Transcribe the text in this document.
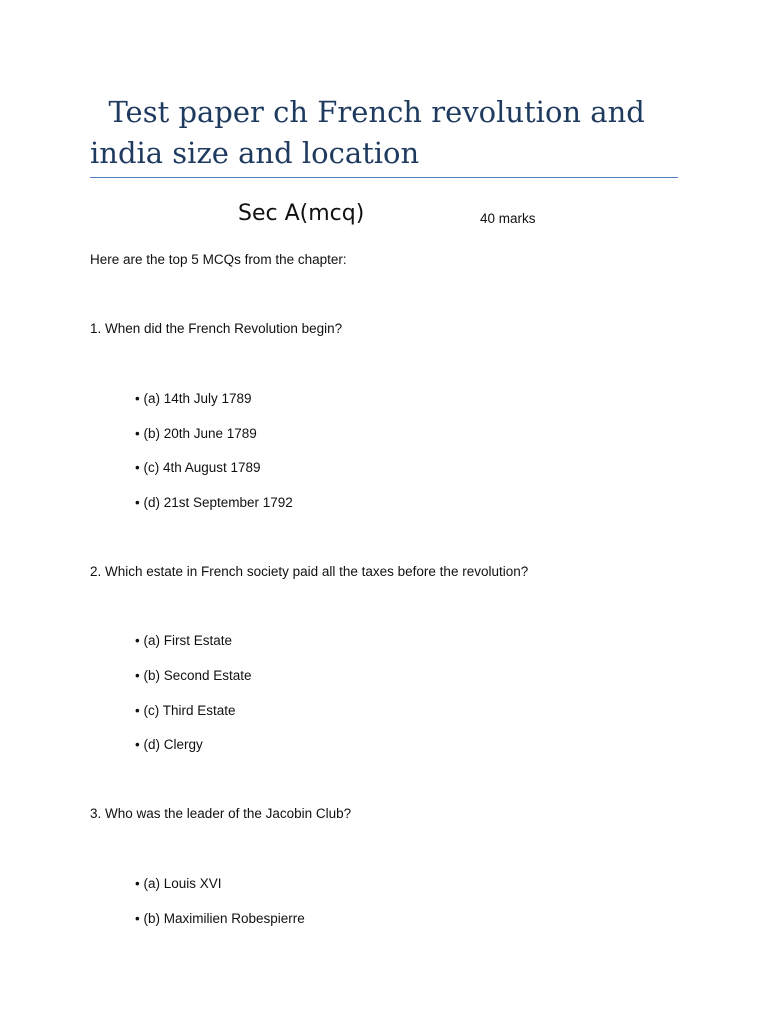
Test paper ch French revolution and india size and location
Sec A(mcq)	40 marks
Here are the top 5 MCQs from the chapter:
1. When did the French Revolution begin?
• (a) 14th July 1789
• (b) 20th June 1789
• (c) 4th August 1789
• (d) 21st September 1792
2. Which estate in French society paid all the taxes before the revolution?
• (a) First Estate
• (b) Second Estate
• (c) Third Estate
• (d) Clergy
3. Who was the leader of the Jacobin Club?
• (a) Louis XVI
• (b) Maximilien Robespierre
